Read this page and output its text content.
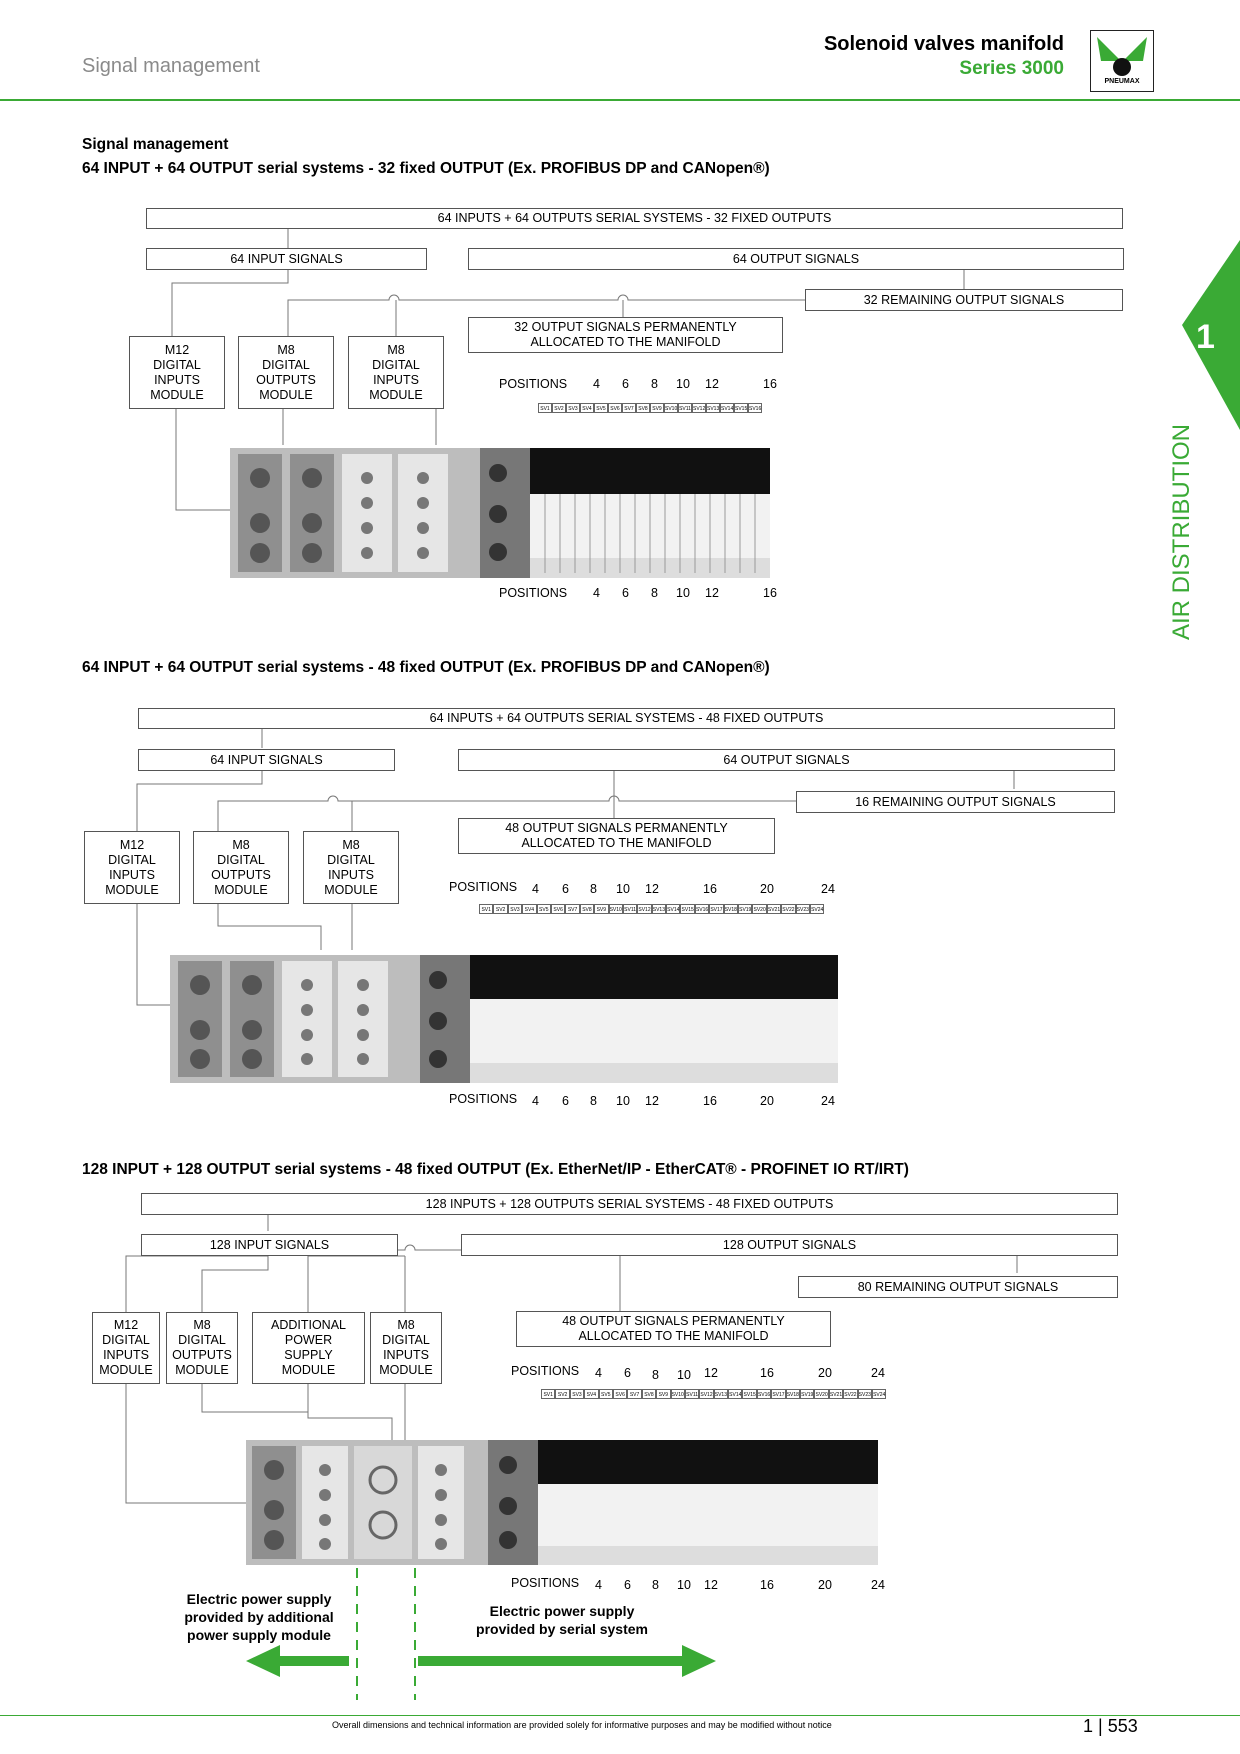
Signal management
Solenoid valves manifold
Series 3000
PNEUMAX
1
AIR DISTRIBUTION
Signal management
64 INPUT + 64 OUTPUT serial systems - 32 fixed OUTPUT (Ex. PROFIBUS DP and CANopen®)
64 INPUTS + 64 OUTPUTS SERIAL SYSTEMS - 32 FIXED OUTPUTS
64 INPUT SIGNALS	64 OUTPUT SIGNALS
32 REMAINING OUTPUT SIGNALS
32 OUTPUT SIGNALS PERMANENTLY ALLOCATED TO THE MANIFOLD
M12 DIGITAL INPUTS MODULE
M8 DIGITAL OUTPUTS MODULE
M8 DIGITAL INPUTS MODULE
POSITIONS 4 6 8 10 12	16
SV1 SV2 SV3 SV4 SV5 SV6 SV7 SV8 SV9 SV10 SV11 SV12 SV13 SV14 SV15 SV16
POSITIONS 4 6 8 10 12	16
64 INPUT + 64 OUTPUT serial systems - 48 fixed OUTPUT (Ex. PROFIBUS DP and CANopen®)
64 INPUTS + 64 OUTPUTS SERIAL SYSTEMS - 48 FIXED OUTPUTS
64 INPUT SIGNALS	64 OUTPUT SIGNALS
16 REMAINING OUTPUT SIGNALS
48 OUTPUT SIGNALS PERMANENTLY ALLOCATED TO THE MANIFOLD
M12 DIGITAL INPUTS MODULE
M8 DIGITAL OUTPUTS MODULE
M8 DIGITAL INPUTS MODULE	POSITIONS 4 6 8 10 12	16	20	24
SV1 SV2 SV3 SV4 SV5 SV6 SV7 SV8 SV9 SV10 SV11 SV12 SV13 SV14 SV15 SV16 SV17 SV18 SV19 SV20 SV21 SV22 SV23 SV24
POSITIONS 4 6 8 10 12	16	20	24
128 INPUT + 128 OUTPUT serial systems - 48 fixed OUTPUT (Ex. EtherNet/IP - EtherCAT® - PROFINET IO RT/IRT)
128 INPUTS + 128 OUTPUTS SERIAL SYSTEMS - 48 FIXED OUTPUTS
128 INPUT SIGNALS	128 OUTPUT SIGNALS
80 REMAINING OUTPUT SIGNALS
48 OUTPUT SIGNALS PERMANENTLY ALLOCATED TO THE MANIFOLD
M12 DIGITAL INPUTS MODULE
M8 DIGITAL OUTPUTS MODULE
ADDITIONAL POWER SUPPLY MODULE
M8 DIGITAL INPUTS MODULE	POSITIONS 4 6 8 10 12	16	20	24
SV1 SV2 SV3 SV4 SV5 SV6 SV7 SV8 SV9 SV10 SV11 SV12 SV13 SV14 SV15 SV16 SV17 SV18 SV19 SV20 SV21 SV22 SV23 SV24
POSITIONS 4 6 8 10 12	16	20	24
Electric power supply provided by additional power supply module
Electric power supply provided by serial system
Overall dimensions and technical information are provided solely for informative purposes and may be modified without notice	1 | 553
